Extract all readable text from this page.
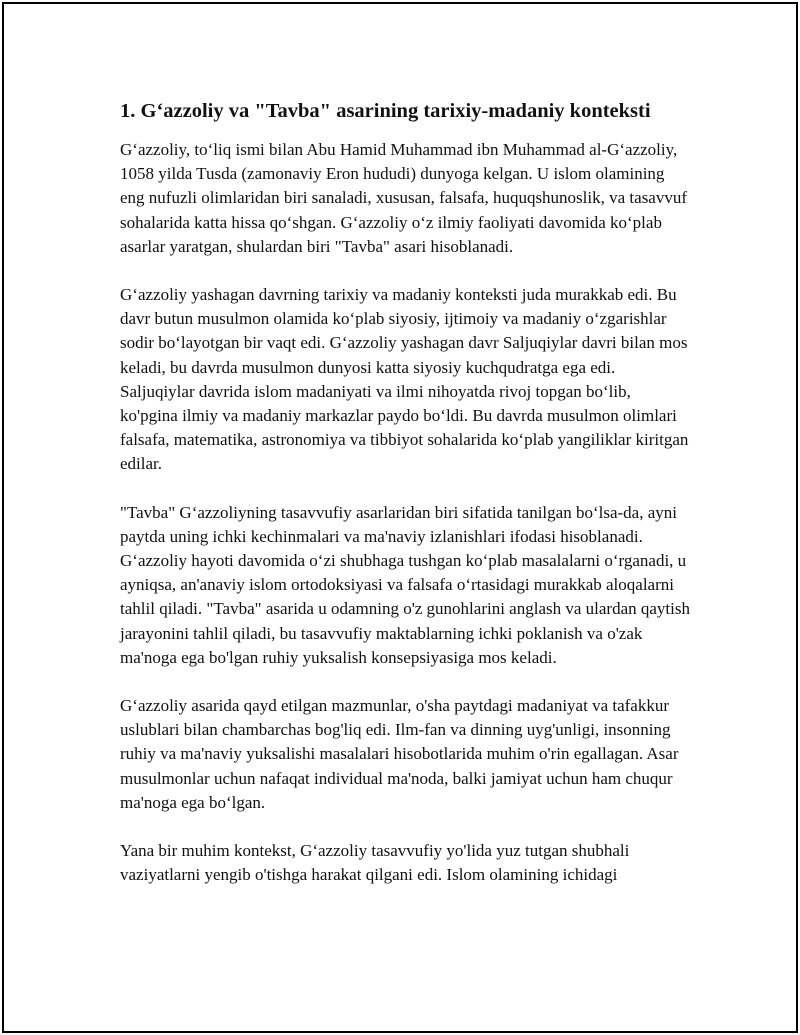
1. G‘azzoliy va "Tavba" asarining tarixiy-madaniy konteksti

G‘azzoliy, to‘liq ismi bilan Abu Hamid Muhammad ibn Muhammad al-G‘azzoliy, 1058 yilda Tusda (zamonaviy Eron hududi) dunyoga kelgan. U islom olamining eng nufuzli olimlaridan biri sanaladi, xususan, falsafa, huquqshunoslik, va tasavvuf sohalarida katta hissa qo‘shgan. G‘azzoliy o‘z ilmiy faoliyati davomida ko‘plab asarlar yaratgan, shulardan biri "Tavba" asari hisoblanadi.

G‘azzoliy yashagan davrning tarixiy va madaniy konteksti juda murakkab edi. Bu davr butun musulmon olamida ko‘plab siyosiy, ijtimoiy va madaniy o‘zgarishlar sodir bo‘layotgan bir vaqt edi. G‘azzoliy yashagan davr Saljuqiylar davri bilan mos keladi, bu davrda musulmon dunyosi katta siyosiy kuchqudratga ega edi. Saljuqiylar davrida islom madaniyati va ilmi nihoyatda rivoj topgan bo‘lib, ko'pgina ilmiy va madaniy markazlar paydo bo‘ldi. Bu davrda musulmon olimlari falsafa, matematika, astronomiya va tibbiyot sohalarida ko‘plab yangiliklar kiritgan edilar.

"Tavba" G‘azzoliyning tasavvufiy asarlaridan biri sifatida tanilgan bo‘lsa-da, ayni paytda uning ichki kechinmalari va ma'naviy izlanishlari ifodasi hisoblanadi. G‘azzoliy hayoti davomida o‘zi shubhaga tushgan ko‘plab masalalarni o‘rganadi, u ayniqsa, an'anaviy islom ortodoksiyasi va falsafa o‘rtasidagi murakkab aloqalarni tahlil qiladi. "Tavba" asarida u odamning o'z gunohlarini anglash va ulardan qaytish jarayonini tahlil qiladi, bu tasavvufiy maktablarning ichki poklanish va o'zak ma'noga ega bo'lgan ruhiy yuksalish konsepsiyasiga mos keladi.

G‘azzoliy asarida qayd etilgan mazmunlar, o'sha paytdagi madaniyat va tafakkur uslublari bilan chambarchas bog'liq edi. Ilm-fan va dinning uyg'unligi, insonning ruhiy va ma'naviy yuksalishi masalalari hisobotlarida muhim o'rin egallagan. Asar musulmonlar uchun nafaqat individual ma'noda, balki jamiyat uchun ham chuqur ma'noga ega bo‘lgan.

Yana bir muhim kontekst, G‘azzoliy tasavvufiy yo'lida yuz tutgan shubhali vaziyatlarni yengib o'tishga harakat qilgani edi. Islom olamining ichidagi
